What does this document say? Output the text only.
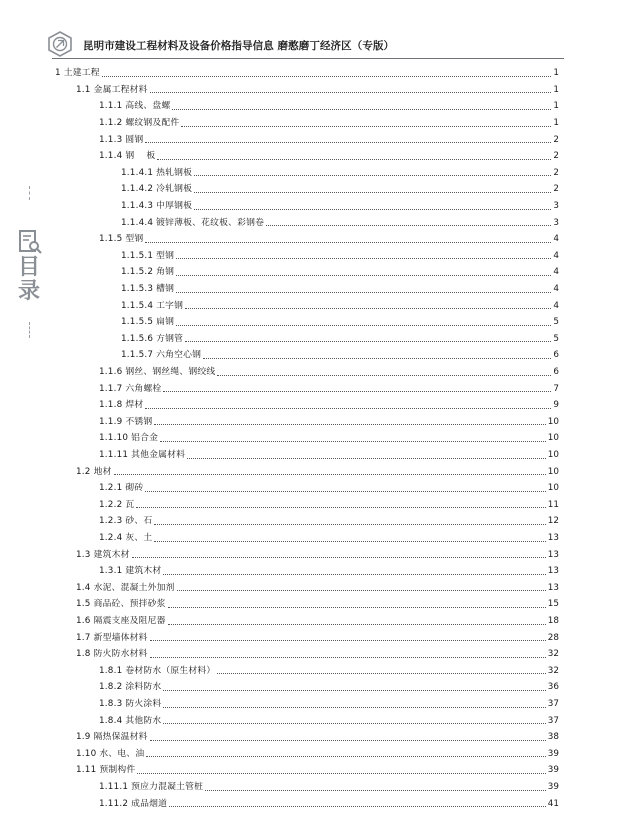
昆明市建设工程材料及设备价格指导信息 磨憨磨丁经济区（专版）
目录
1 土建工程	1
1.1 金属工程材料	1
1.1.1 高线、盘螺	1
1.1.2 螺纹钢及配件	1
1.1.3 圆钢	2
1.1.4 钢　 板	2
1.1.4.1 热轧钢板	2
1.1.4.2 冷轧钢板	2
1.1.4.3 中厚钢板	3
1.1.4.4 镀锌薄板、花纹板、彩钢卷	3
1.1.5 型钢	4
1.1.5.1 型钢	4
1.1.5.2 角钢	4
1.1.5.3 槽钢	4
1.1.5.4 工字钢	4
1.1.5.5 扁钢	5
1.1.5.6 方钢管	5
1.1.5.7 六角空心钢	6
1.1.6 钢丝、钢丝绳、钢绞线	6
1.1.7 六角螺栓	7
1.1.8 焊材	9
1.1.9 不锈钢	10
1.1.10 铝合金	10
1.1.11 其他金属材料	10
1.2 地材	10
1.2.1 砌砖	10
1.2.2 瓦	11
1.2.3 砂、石	12
1.2.4 灰、土	13
1.3 建筑木材	13
1.3.1 建筑木材	13
1.4 水泥、混凝土外加剂	13
1.5 商品砼、预拌砂浆	15
1.6 隔震支座及阻尼器	18
1.7 新型墙体材料	28
1.8 防火防水材料	32
1.8.1 卷材防水（原生材料）	32
1.8.2 涂料防水	36
1.8.3 防火涂料	37
1.8.4 其他防水	37
1.9 隔热保温材料	38
1.10 水、电、油	39
1.11 预制构件	39
1.11.1 预应力混凝土管桩	39
1.11.2 成品烟道	41
